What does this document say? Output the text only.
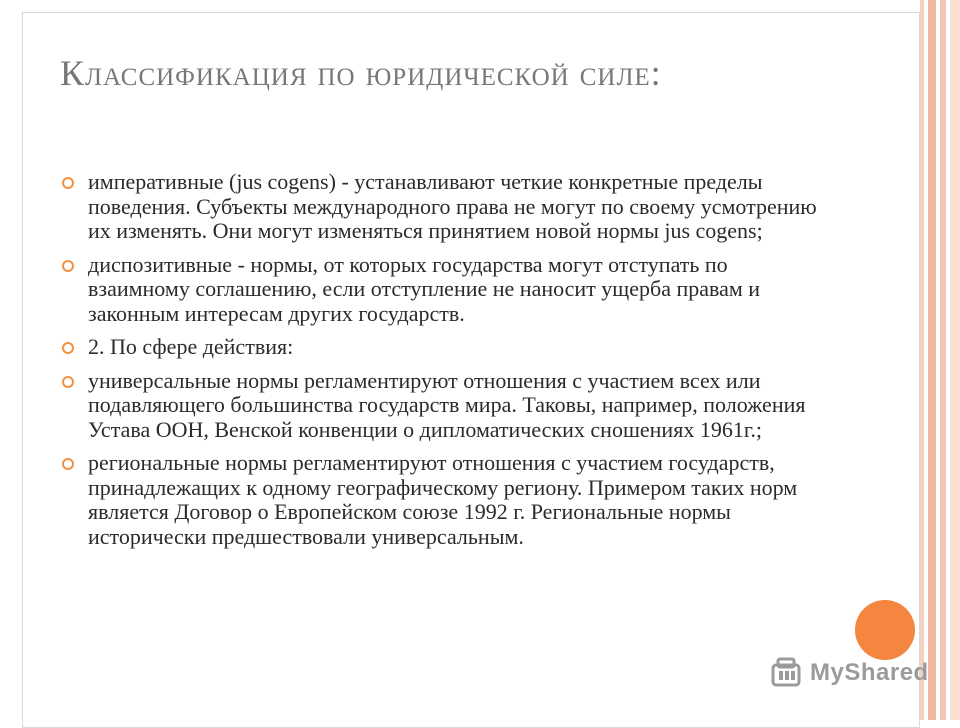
Классификация по юридической силе:
императивные (jus cogens) - устанавливают четкие конкретные пределы поведения. Субъекты международного права не могут по своему усмотрению их изменять. Они могут изменяться принятием новой нормы jus cogens;
диспозитивные - нормы, от которых государства могут отступать по взаимному соглашению, если отступление не наносит ущерба правам и законным интересам других государств.
2. По сфере действия:
универсальные нормы регламентируют отношения с участием всех или подавляющего большинства государств мира. Таковы, например, положения Устава ООН, Венской конвенции о дипломатических сношениях 1961г.;
региональные нормы регламентируют отношения с участием государств, принадлежащих к одному географическому региону. Примером таких норм является Договор о Европейском союзе 1992 г. Региональные нормы исторически предшествовали универсальным.
MyShared
